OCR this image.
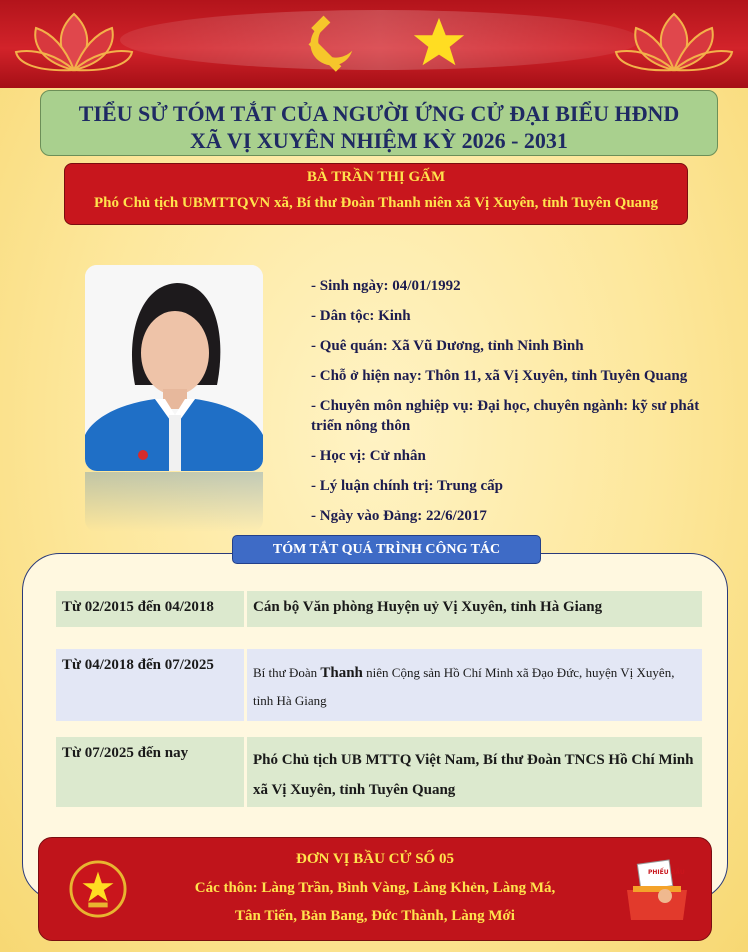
TIỂU SỬ TÓM TẮT CỦA NGƯỜI ỨNG CỬ ĐẠI BIỂU HĐND
XÃ VỊ XUYÊN NHIỆM KỲ 2026 - 2031
BÀ TRẦN THỊ GẤM
Phó Chủ tịch UBMTTQVN xã, Bí thư Đoàn Thanh niên xã Vị Xuyên, tỉnh Tuyên Quang
- Sinh ngày: 04/01/1992
- Dân tộc: Kinh
- Quê quán: Xã Vũ Dương, tỉnh Ninh Bình
- Chỗ ở hiện nay: Thôn 11, xã Vị Xuyên, tỉnh Tuyên Quang
- Chuyên môn nghiệp vụ: Đại học, chuyên ngành: kỹ sư phát triển nông thôn
- Học vị: Cử nhân
- Lý luận chính trị: Trung cấp
- Ngày vào Đảng: 22/6/2017
TÓM TẮT QUÁ TRÌNH CÔNG TÁC
Từ 02/2015 đến 04/2018	Cán bộ Văn phòng Huyện uỷ Vị Xuyên, tỉnh Hà Giang
Từ 04/2018 đến 07/2025	Bí thư Đoàn Thanh niên Cộng sản Hồ Chí Minh xã Đạo Đức, huyện Vị Xuyên, tỉnh Hà Giang
Từ 07/2025 đến nay	Phó Chủ tịch UB MTTQ Việt Nam, Bí thư Đoàn TNCS Hồ Chí Minh xã Vị Xuyên, tỉnh Tuyên Quang
ĐƠN VỊ BẦU CỬ SỐ 05
Các thôn: Làng Trần, Bình Vàng, Làng Khẻn, Làng Má,
Tân Tiến, Bản Bang, Đức Thành, Làng Mới
PHIẾU BẦU
